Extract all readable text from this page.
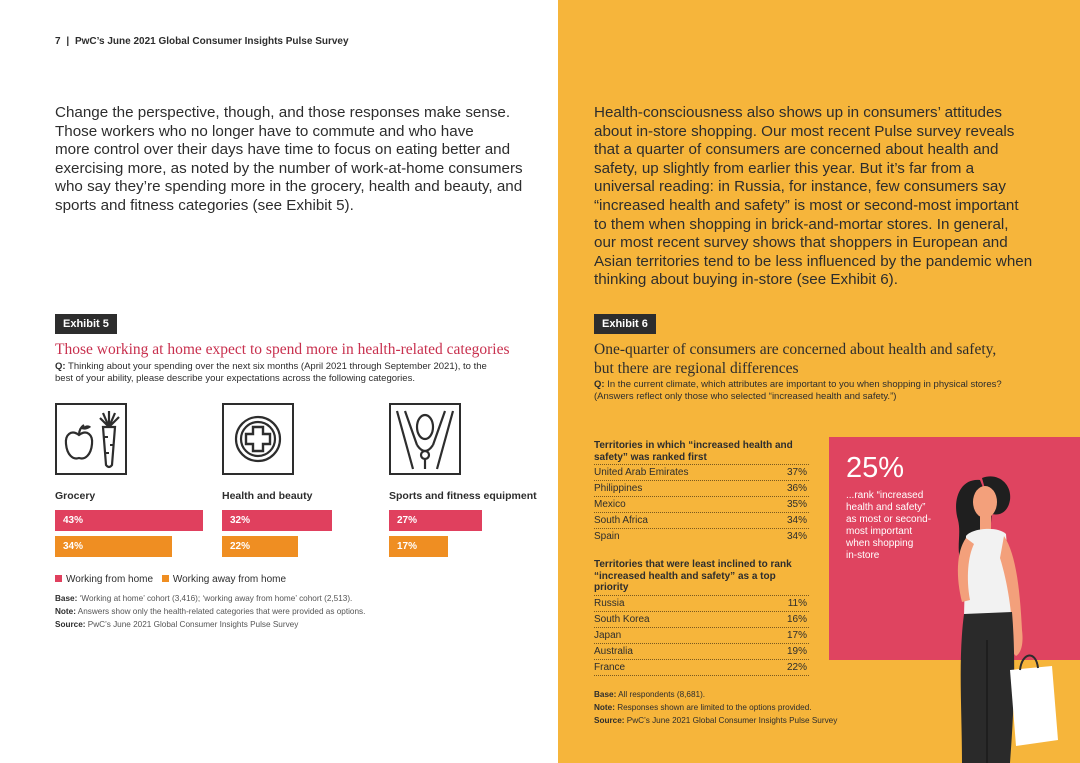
7 | PwC’s June 2021 Global Consumer Insights Pulse Survey
Change the perspective, though, and those responses make sense.
Those workers who no longer have to commute and who have
more control over their days have time to focus on eating better and
exercising more, as noted by the number of work-at-home consumers
who say they’re spending more in the grocery, health and beauty, and
sports and fitness categories (see Exhibit 5).
Exhibit 5
Those working at home expect to spend more in health-related categories
Q: Thinking about your spending over the next six months (April 2021 through September 2021), to the
best of your ability, please describe your expectations across the following categories.
Grocery	Health and beauty	Sports and fitness equipment
43%	32%	27%
34%	22%	17%
Working from home Working away from home
Base: ‘Working at home’ cohort (3,416); ‘working away from home’ cohort (2,513).
Note: Answers show only the health-related categories that were provided as options.
Source: PwC’s June 2021 Global Consumer Insights Pulse Survey
Health-consciousness also shows up in consumers’ attitudes
about in-store shopping. Our most recent Pulse survey reveals
that a quarter of consumers are concerned about health and
safety, up slightly from earlier this year. But it’s far from a
universal reading: in Russia, for instance, few consumers say
“increased health and safety” is most or second-most important
to them when shopping in brick-and-mortar stores. In general,
our most recent survey shows that shoppers in European and
Asian territories tend to be less influenced by the pandemic when
thinking about buying in-store (see Exhibit 6).
Exhibit 6
One-quarter of consumers are concerned about health and safety,
but there are regional differences
Q: In the current climate, which attributes are important to you when shopping in physical stores?
(Answers reflect only those who selected “increased health and safety.”)
Territories in which “increased health and
safety” was ranked first
United Arab Emirates	37%
Philippines	36%
Mexico	35%
South Africa	34%
Spain	34%
Territories that were least inclined to rank
“increased health and safety” as a top
priority
Russia	11%
South Korea	16%
Japan	17%
Australia	19%
France	22%
25%
...rank “increased
health and safety”
as most or second-
most important
when shopping
in-store
Base: All respondents (8,681).
Note: Responses shown are limited to the options provided.
Source: PwC’s June 2021 Global Consumer Insights Pulse Survey
